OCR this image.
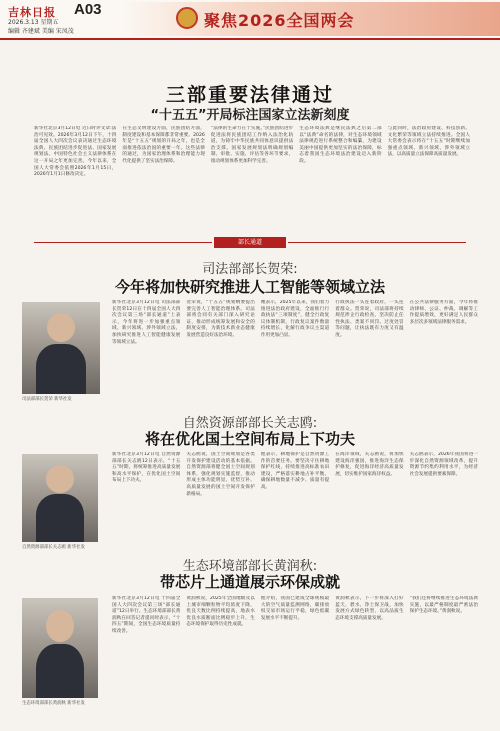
吉林日报 A03
2026.3.13 星期五
编辑 齐建斌 美编 宋凤茂
聚焦2026全国两会
三部重要法律通过
“十五五”开局标注国家立法新刻度
新华社北京3月12日电 近日时评文章:法治可见效。2026年3月12日下午，十四届全国人大四次会议表决通过生态环境法典、民族团结进步促进法、国家发展规划法。中国特色社会主义法律体系在这一开局之年更加完善。今年以来，全国人大常委会依照2026年1月15日，2026年1月1日修改决定。
在生态文明建设方面，民族团结方面，制度建设和基本保障都非常重要。2026年是“十五五”规划的开局之年，也是全面推进依法治国的重要一年。这些法律的通过，为国家治理体系和治理能力现代化提供了坚实法治保障。
“法律的生命力在于实施。”民族团结进步促进法将民族团结工作纳入法治化轨道，为铸牢中华民族共同体意识提供法治支撑。国家发展规划法明确规划编制、审批、实施、评估等各环节要求，推动规划体系更加科学完善。
生态环境法典是继民法典之后第二部以“法典”命名的法律，对生态环境领域法律规范进行系统整合和编纂，为建设美丽中国提供更加坚实的法治保障，标志着我国生态环境法治建设迈入新阶段。
与此同时，法治政府建设、科技创新、文化繁荣等领域立法持续推进。全国人大常委会表示将在“十五五”时期继续加强重点领域、新兴领域、涉外领域立法，以高质量立法保障高质量发展。
部长通道
司法部部长贺荣:
今年将加快研究推进人工智能等领域立法
司法部部长贺荣 新华社发
新华社北京3月12日电 司法部部长贺荣12日在十四届全国人大四次会议第三场“部长通道”上表示，今年将进一步加强重点领域、新兴领域、涉外领域立法，加快研究推进人工智能健康发展等领域立法。
贺荣说，“十五五”规划纲要提出要完善人工智能治理体系。司法部将会同有关部门深入研究论证，推动形成统筹发展和安全的制度安排，为新技术新业态健康发展营造良好法治环境。
她表示，2025年以来，我们着力推进法治政府建设，全面推行行政执法“三项制度”，健全行政复议体制机制，行政复议案件数量持续增长，化解行政争议主渠道作用更加凸显。
行政执法一头连着政府，一头连着群众。贺荣说，司法部将持续规范涉企行政检查，坚决防止任性执法、类案不同罚、过度处罚等问题，让执法既有力度又有温度。
在公共法律服务方面，今年将推动律师、公证、仲裁、调解等工作提质增效，更好满足人民群众多层次多领域法律服务需求。
自然资源部部长关志鸥:
将在优化国土空间布局上下功夫
自然资源部部长关志鸥 新华社发
新华社北京3月12日电 自然资源部部长关志鸥12日表示，“十五五”时期，将统筹推进高质量发展和高水平保护，在优化国土空间布局上下功夫。
关志鸥说，国土空间规划是各类开发保护建设活动的基本依据。自然资源部将健全国土空间规划体系，强化规划实施监督，推动形成主体功能明显、优势互补、高质量发展的国土空间开发保护新格局。
他表示，耕地保护是自然资源工作的首要任务。要坚决守住耕地保护红线，持续推进高标准农田建设，严格落实耕地占补平衡，确保耕地数量不减少、质量有提高。
在海洋领域，关志鸥说，将加快建设海洋强国，推进海洋生态保护修复，促进海洋经济高质量发展，切实维护国家海洋权益。
关志鸥表示，2026年我国将进一步深化自然资源领域改革，提升资源节约集约利用水平，为经济社会发展提供要素保障。
生态环境部部长黄润秋:
带芯片上通道展示环保成就
生态环境部部长黄润秋 新华社发
新华社北京3月12日电 十四届全国人大四次会议第三场“部长通道”12日举行。生态环境部部长黄润秋在回答记者提问时表示，“十四五”期间，全国生态环境质量持续改善。
黄润秋说，2025年全国地级及以上城市细颗粒物平均浓度下降，优良天数比例持续提高，地表水优良水质断面比例稳步上升，生态环境保护取得历史性成就。
他介绍，我国已建成全球规模最大的空气质量监测网络，碳排放权交易市场运行平稳，绿色低碳发展水平不断提升。
黄润秋表示，下一步将深入打好蓝天、碧水、净土保卫战，加快发展方式绿色转型，以高品质生态环境支撑高质量发展。
“我们还将继续推进生态环境法典实施，以最严格制度最严密法治保护生态环境。”黄润秋说。
